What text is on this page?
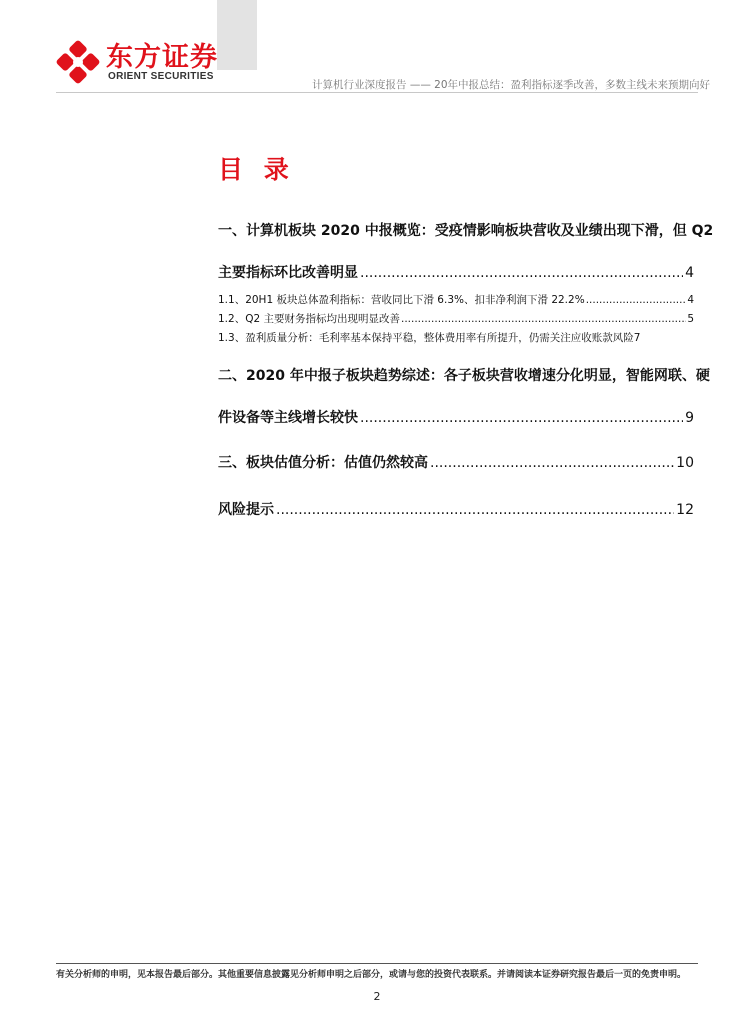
东方证券
ORIENT SECURITIES
计算机行业深度报告 —— 20年中报总结：盈利指标逐季改善，多数主线未来预期向好
目 录
一、计算机板块 2020 中报概览：受疫情影响板块营收及业绩出现下滑，但 Q2
主要指标环比改善明显 .....	4
1.1、20H1 板块总体盈利指标：营收同比下滑 6.3%、扣非净利润下滑 22.2% .....	4
1.2、Q2 主要财务指标均出现明显改善 .....	5
1.3、盈利质量分析：毛利率基本保持平稳，整体费用率有所提升，仍需关注应收账款风险 7
二、2020 年中报子板块趋势综述：各子板块营收增速分化明显，智能网联、硬
件设备等主线增长较快 .....	9
三、板块估值分析：估值仍然较高 .....	10
风险提示 .....	12
有关分析师的申明，见本报告最后部分。其他重要信息披露见分析师申明之后部分，或请与您的投资代表联系。并请阅读本证券研究报告最后一页的免责申明。
2
